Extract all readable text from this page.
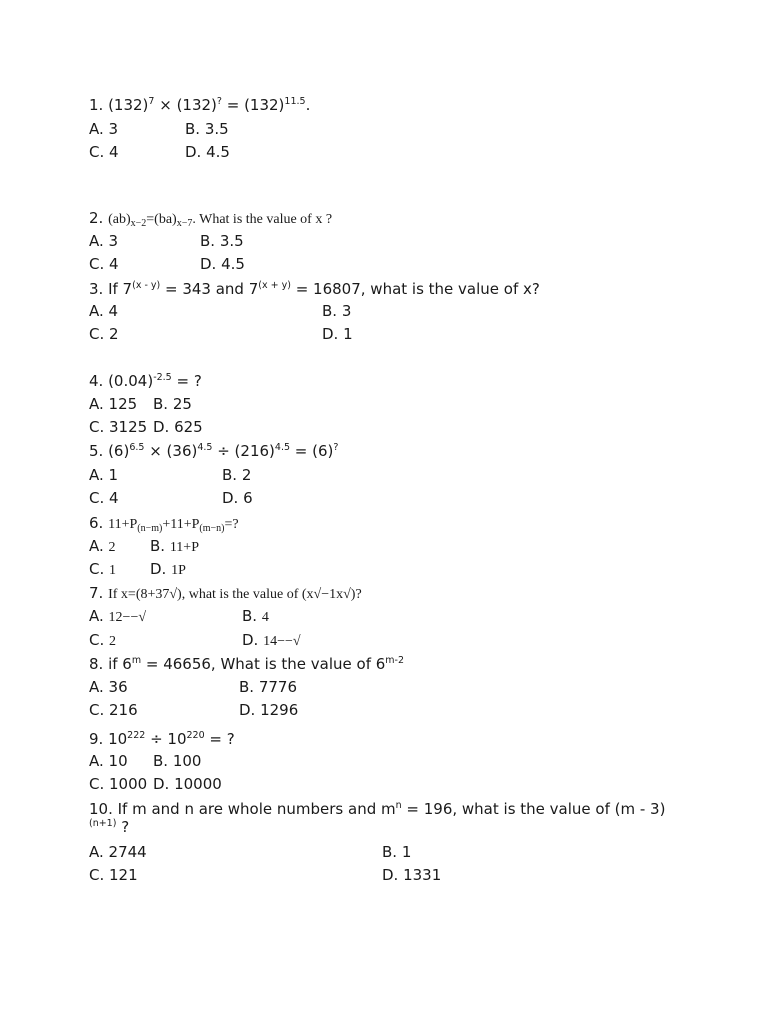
1. $(132)^7 \times (132)^? = (132)^{11.5}$.
A. 3	B. 3.5
C. 4	D. 4.5
2. $(ab)_{x-2}=(ba)_{x-7}$. What is the value of x ?
A. 3	B. 3.5
C. 4	D. 4.5
3. If $7^{(x - y)} = 343$ and $7^{(x + y)} = 16807$, what is the value of x?
A. 4	B. 3
C. 2	D. 1
4. $(0.04)^{-2.5}$ = ?
A. 125 B. 25
C. 3125 D. 625
5. $(6)^{6.5} \times (36)^{4.5} \div (216)^{4.5} = (6)^?$
A. 1	B. 2
C. 4	D. 6
6. $11+P_{(n-m)}+11+P_{(m-n)}=$?
A. 2 B. 11+P
C. 1 D. 1P
7. If x=(8+37√), what is the value of (x√−1x√)?
A. 12−−√	B. 4
C. 2	D. 14−−√
8. if $6^m = 46656$, What is the value of 6$^{m-2}$
A. 36	B. 7776
C. 216	D. 1296
9. $10^{222} \div 10^{220}$ = ?
A. 10 B. 100
C. 1000 D. 10000
10. If m and n are whole numbers and $m^n = 196$, what is the value of (m - 3)$^{(n+1)}$ ?
A. 2744	B. 1
C. 121	D. 1331
